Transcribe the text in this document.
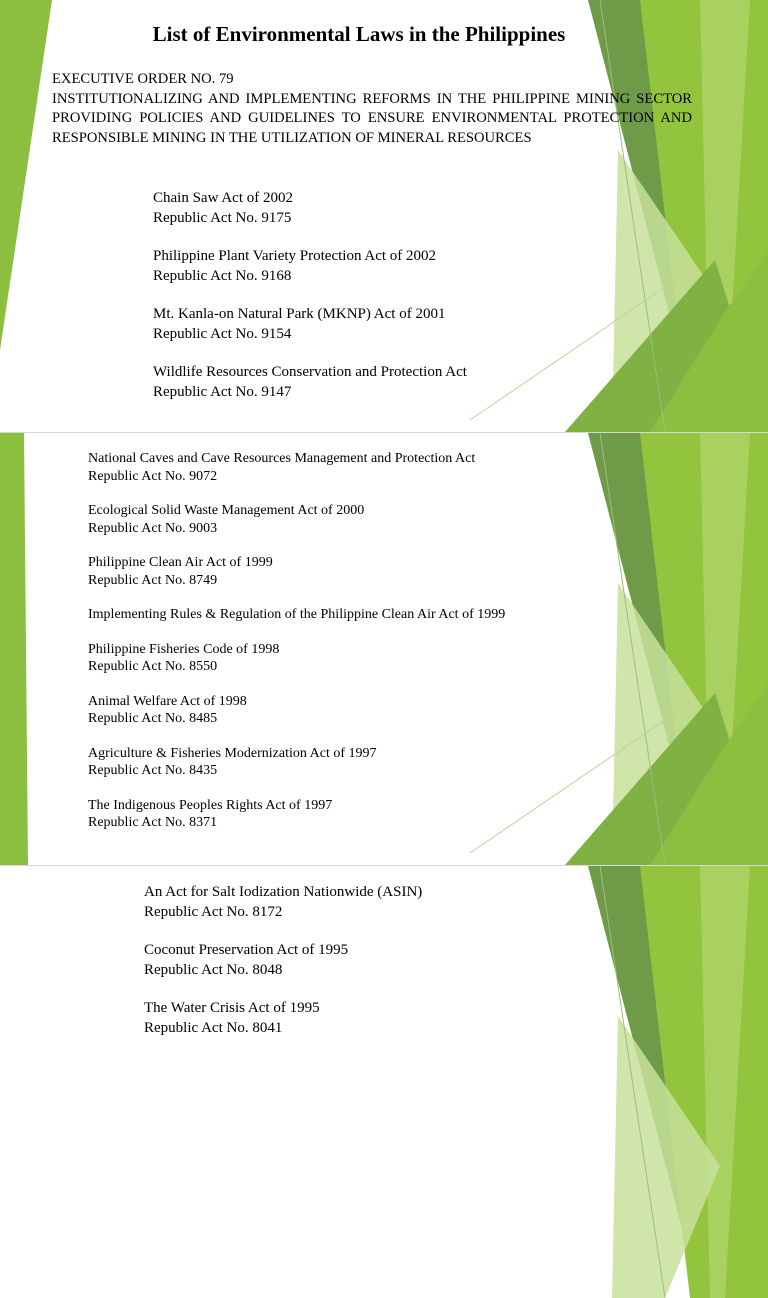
List of Environmental Laws in the Philippines
EXECUTIVE ORDER NO. 79
INSTITUTIONALIZING AND IMPLEMENTING REFORMS IN THE PHILIPPINE MINING SECTOR PROVIDING POLICIES AND GUIDELINES TO ENSURE ENVIRONMENTAL PROTECTION AND RESPONSIBLE MINING IN THE UTILIZATION OF MINERAL RESOURCES
Chain Saw Act of 2002
Republic Act No. 9175
Philippine Plant Variety Protection Act of 2002
Republic Act No. 9168
Mt. Kanla-on Natural Park (MKNP) Act of 2001
Republic Act No. 9154
Wildlife Resources Conservation and Protection Act
Republic Act No. 9147
National Caves and Cave Resources Management and Protection Act
Republic Act No. 9072
Ecological Solid Waste Management Act of 2000
Republic Act No. 9003
Philippine Clean Air Act of 1999
Republic Act No. 8749
Implementing Rules & Regulation of the Philippine Clean Air Act of 1999
Philippine Fisheries Code of 1998
Republic Act No. 8550
Animal Welfare Act of 1998
Republic Act No. 8485
Agriculture & Fisheries Modernization Act of 1997
Republic Act No. 8435
The Indigenous Peoples Rights Act of 1997
Republic Act No. 8371
An Act for Salt Iodization Nationwide (ASIN)
Republic Act No. 8172
Coconut Preservation Act of 1995
Republic Act No. 8048
The Water Crisis Act of 1995
Republic Act No. 8041
